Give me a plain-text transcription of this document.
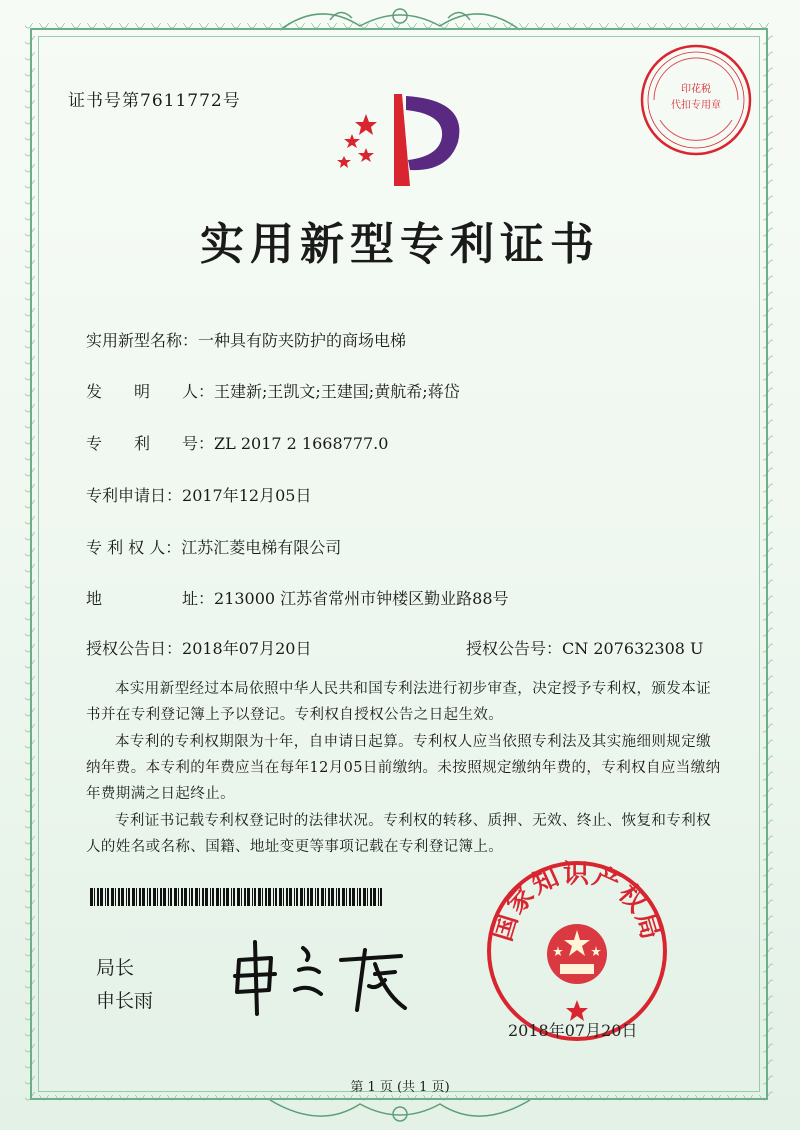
证书号第7611772号
印花税
代扣专用章
实用新型专利证书
实用新型名称：一种具有防夹防护的商场电梯
发　　明　　人：王建新;王凯文;王建国;黄航希;蒋岱
专　　利　　号：ZL 2017 2 1668777.0
专利申请日：2017年12月05日
专 利 权 人：江苏汇菱电梯有限公司
地　　　　　址：213000 江苏省常州市钟楼区勤业路88号
授权公告日：2018年07月20日	授权公告号：CN 207632308 U

本实用新型经过本局依照中华人民共和国专利法进行初步审查，决定授予专利权，颁发本证书并在专利登记簿上予以登记。专利权自授权公告之日起生效。

本专利的专利权期限为十年，自申请日起算。专利权人应当依照专利法及其实施细则规定缴纳年费。本专利的年费应当在每年12月05日前缴纳。未按照规定缴纳年费的，专利权自应当缴纳年费期满之日起终止。

专利证书记载专利权登记时的法律状况。专利权的转移、质押、无效、终止、恢复和专利权人的姓名或名称、国籍、地址变更等事项记载在专利登记簿上。

局长
申长雨
国家知识产权局
2018年07月20日
第 1 页 (共 1 页)
